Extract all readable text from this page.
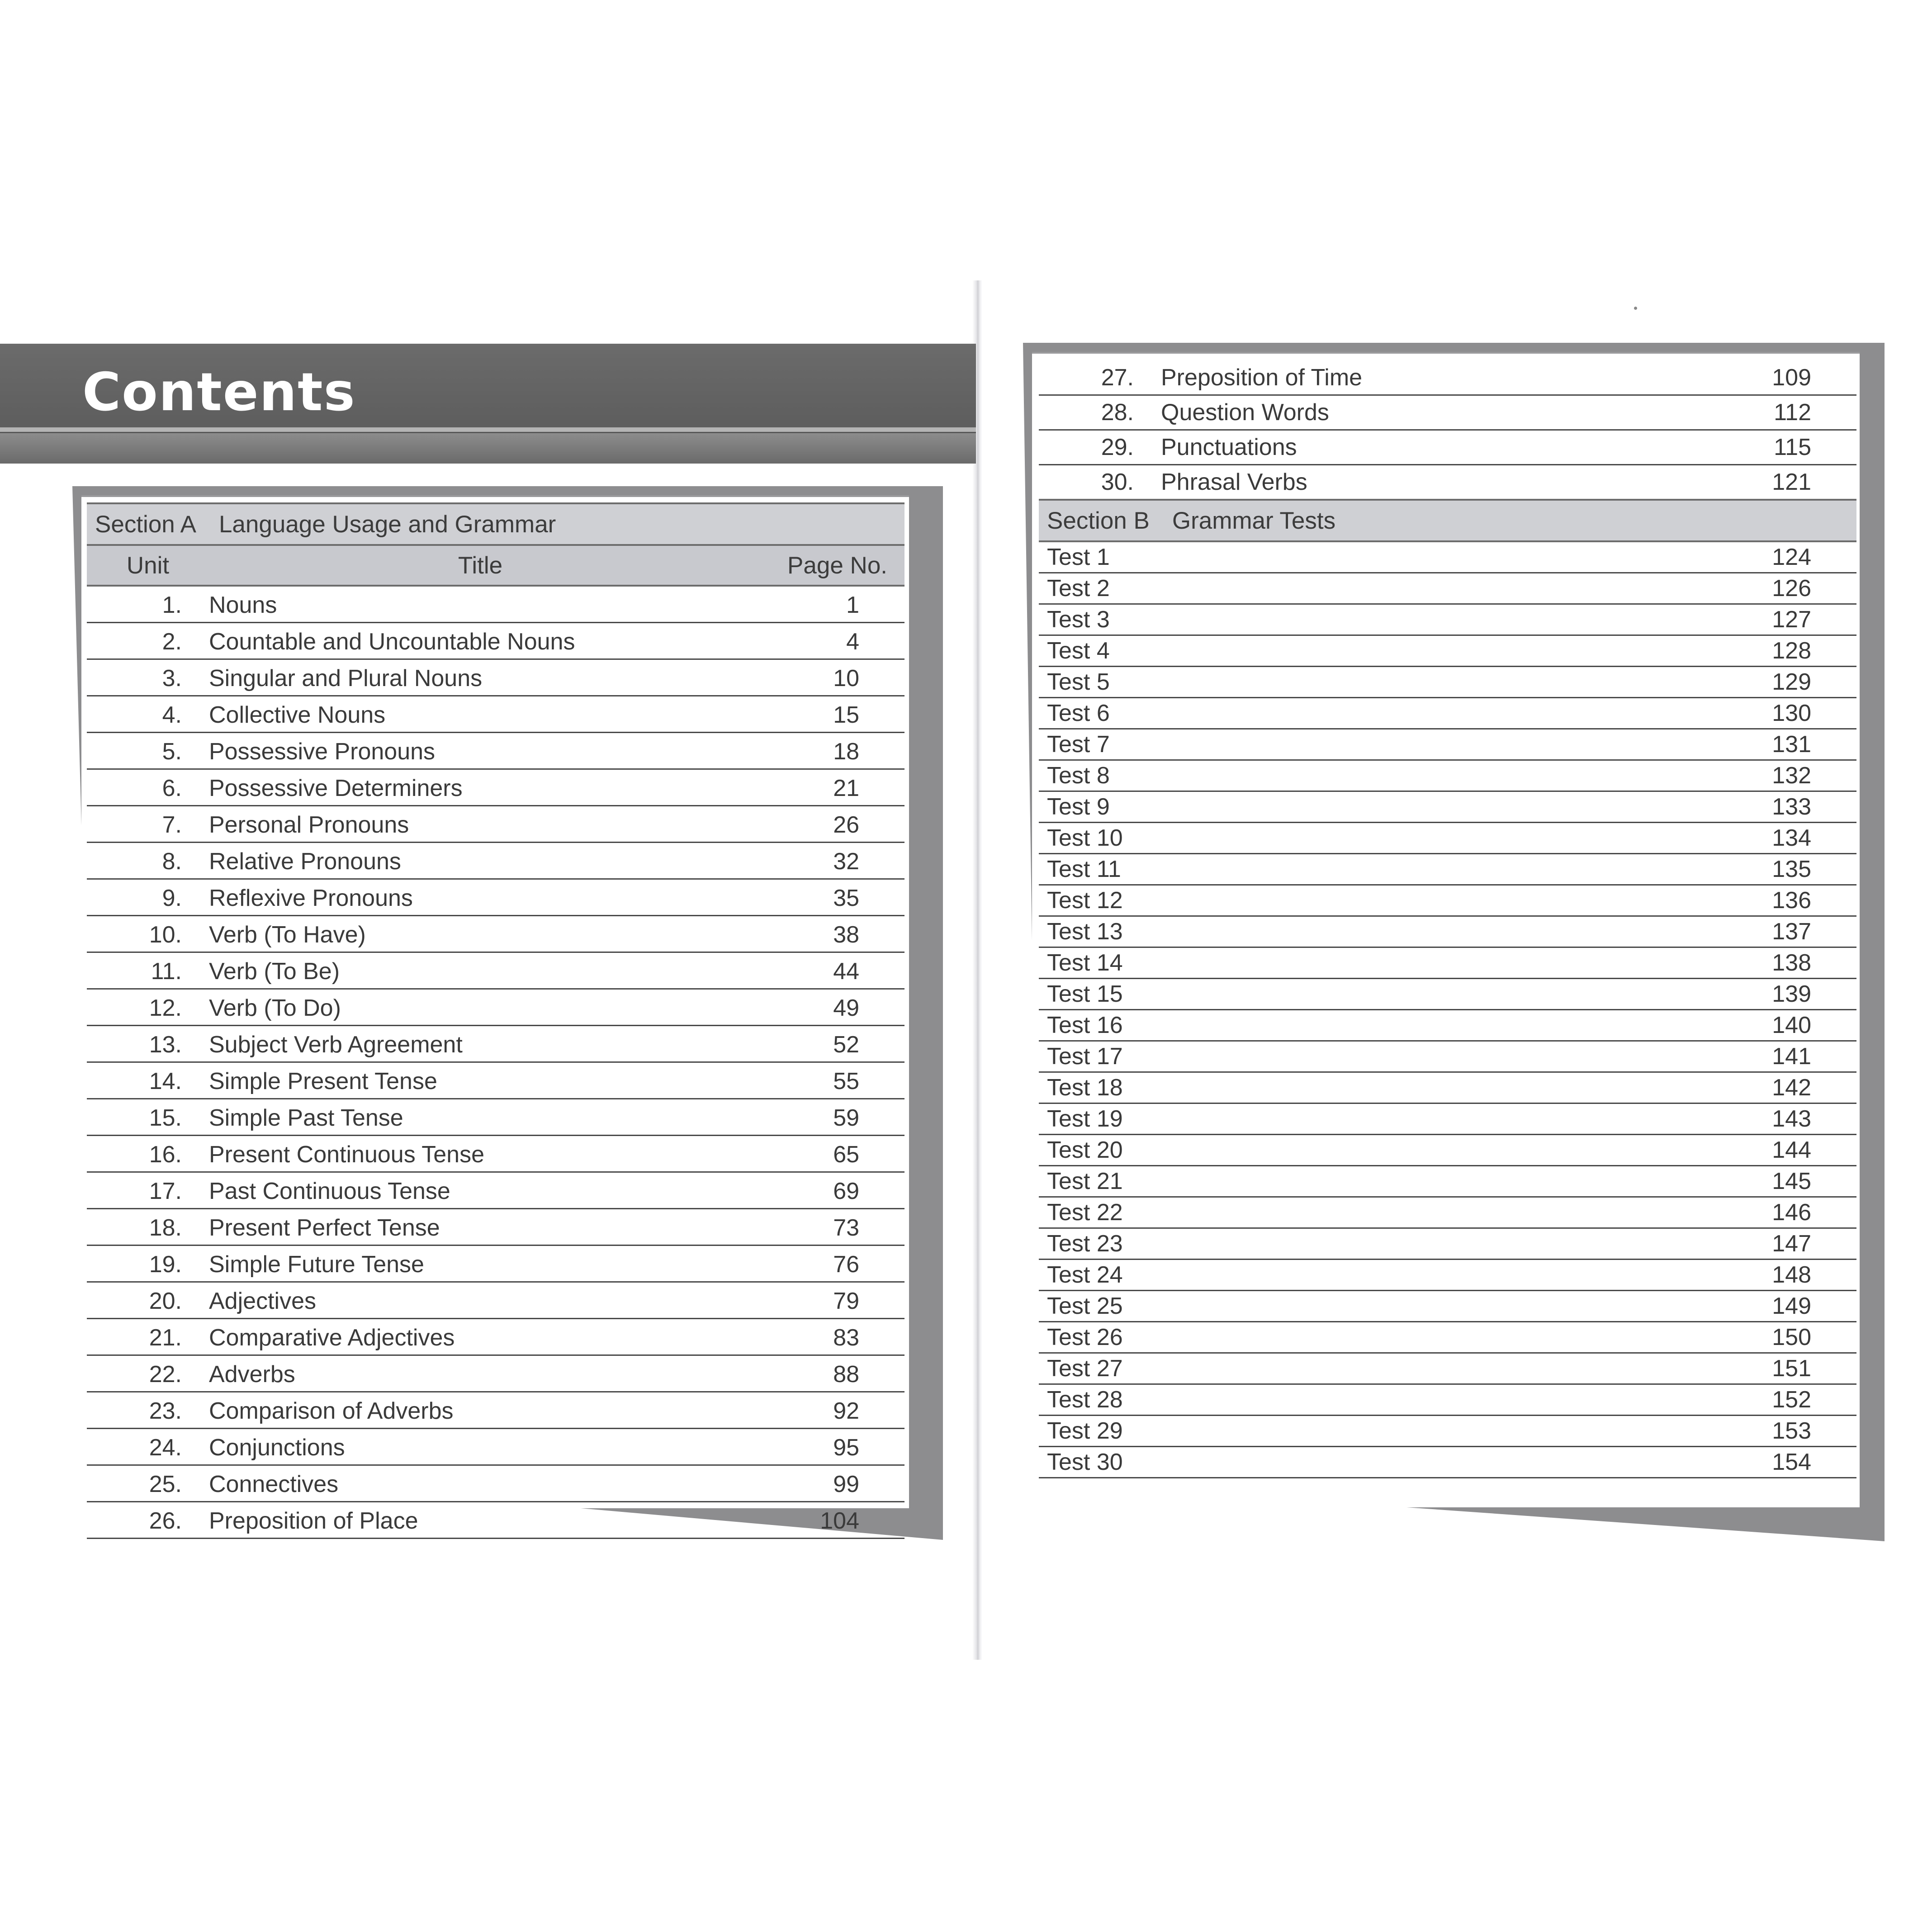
Contents
Section A Language Usage and Grammar		
Unit	Title	Page No.
1.	Nouns	1
2.	Countable and Uncountable Nouns	4
3.	Singular and Plural Nouns	10
4.	Collective Nouns	15
5.	Possessive Pronouns	18
6.	Possessive Determiners	21
7.	Personal Pronouns	26
8.	Relative Pronouns	32
9.	Reflexive Pronouns	35
10.	Verb (To Have)	38
11.	Verb (To Be)	44
12.	Verb (To Do)	49
13.	Subject Verb Agreement	52
14.	Simple Present Tense	55
15.	Simple Past Tense	59
16.	Present Continuous Tense	65
17.	Past Continuous Tense	69
18.	Present Perfect Tense	73
19.	Simple Future Tense	76
20.	Adjectives	79
21.	Comparative Adjectives	83
22.	Adverbs	88
23.	Comparison of Adverbs	92
24.	Conjunctions	95
25.	Connectives	99
26.	Preposition of Place	104
27.	Preposition of Time	109
28.	Question Words	112
29.	Punctuations	115
30.	Phrasal Verbs	121
Section B Grammar Tests		
Test 1		124
Test 2		126
Test 3		127
Test 4		128
Test 5		129
Test 6		130
Test 7		131
Test 8		132
Test 9		133
Test 10		134
Test 11		135
Test 12		136
Test 13		137
Test 14		138
Test 15		139
Test 16		140
Test 17		141
Test 18		142
Test 19		143
Test 20		144
Test 21		145
Test 22		146
Test 23		147
Test 24		148
Test 25		149
Test 26		150
Test 27		151
Test 28		152
Test 29		153
Test 30		154
